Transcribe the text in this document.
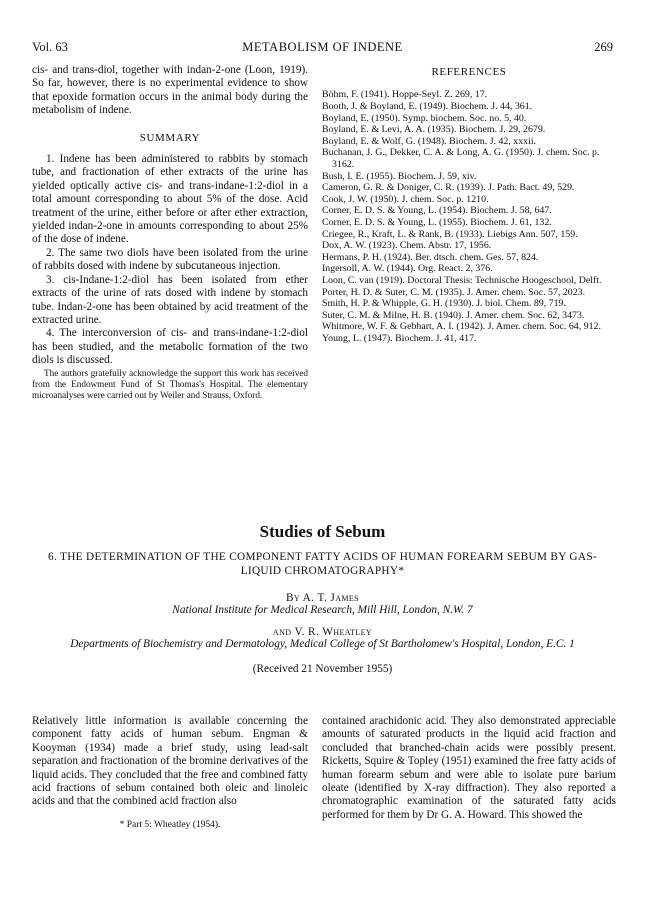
Vol. 63	METABOLISM OF INDENE	269

cis- and trans-diol, together with indan-2-one (Loon, 1919). So far, however, there is no experimental evidence to show that epoxide formation occurs in the animal body during the metabolism of indene.

SUMMARY

1. Indene has been administered to rabbits by stomach tube, and fractionation of ether extracts of the urine has yielded optically active cis- and trans-indane-1:2-diol in a total amount corresponding to about 5% of the dose. Acid treatment of the urine, either before or after ether extraction, yielded indan-2-one in amounts corresponding to about 25% of the dose of indene.

2. The same two diols have been isolated from the urine of rabbits dosed with indene by subcutaneous injection.

3. cis-Indane-1:2-diol has been isolated from ether extracts of the urine of rats dosed with indene by stomach tube. Indan-2-one has been obtained by acid treatment of the extracted urine.

4. The interconversion of cis- and trans-indane-1:2-diol has been studied, and the metabolic formation of the two diols is discussed.

The authors gratefully acknowledge the support this work has received from the Endowment Fund of St Thomas's Hospital. The elementary microanalyses were carried out by Weiler and Strauss, Oxford.

REFERENCES
Böhm, F. (1941). Hoppe-Seyl. Z. 269, 17.
Booth, J. & Boyland, E. (1949). Biochem. J. 44, 361.
Boyland, E. (1950). Symp. biochem. Soc. no. 5, 40.
Boyland, E. & Levi, A. A. (1935). Biochem. J. 29, 2679.
Boyland, E. & Wolf, G. (1948). Biochem. J. 42, xxxii.
Buchanan, J. G., Dekker, C. A. & Long, A. G. (1950). J. chem. Soc. p. 3162.
Bush, I. E. (1955). Biochem. J. 59, xiv.
Cameron, G. R. & Doniger, C. R. (1939). J. Path. Bact. 49, 529.
Cook, J. W. (1950). J. chem. Soc. p. 1210.
Corner, E. D. S. & Young, L. (1954). Biochem. J. 58, 647.
Corner, E. D. S. & Young, L. (1955). Biochem. J. 61, 132.
Criegee, R., Kraft, L. & Rank, B. (1933). Liebigs Ann. 507, 159.
Dox, A. W. (1923). Chem. Abstr. 17, 1956.
Hermans, P. H. (1924). Ber. dtsch. chem. Ges. 57, 824.
Ingersoll, A. W. (1944). Org. React. 2, 376.
Loon, C. van (1919). Doctoral Thesis: Technische Hoogeschool, Delft.
Porter, H. D. & Suter, C. M. (1935). J. Amer. chem. Soc. 57, 2023.
Smith, H. P. & Whipple, G. H. (1930). J. biol. Chem. 89, 719.
Suter, C. M. & Milne, H. B. (1940). J. Amer. chem. Soc. 62, 3473.
Whitmore, W. F. & Gebhart, A. I. (1942). J. Amer. chem. Soc. 64, 912.
Young, L. (1947). Biochem. J. 41, 417.
Studies of Sebum
6. THE DETERMINATION OF THE COMPONENT FATTY ACIDS OF HUMAN FOREARM SEBUM BY GAS-LIQUID CHROMATOGRAPHY*
By A. T. James
National Institute for Medical Research, Mill Hill, London, N.W. 7
and V. R. Wheatley
Departments of Biochemistry and Dermatology, Medical College of St Bartholomew's Hospital, London, E.C. 1
(Received 21 November 1955)

Relatively little information is available concerning the component fatty acids of human sebum. Engman & Kooyman (1934) made a brief study, using lead-salt separation and fractionation of the bromine derivatives of the liquid acids. They concluded that the free and combined fatty acid fractions of sebum contained both oleic and linoleic acids and that the combined acid fraction also

* Part 5: Wheatley (1954).

contained arachidonic acid. They also demonstrated appreciable amounts of saturated products in the liquid acid fraction and concluded that branched-chain acids were possibly present. Ricketts, Squire & Topley (1951) examined the free fatty acids of human forearm sebum and were able to isolate pure barium oleate (identified by X-ray diffraction). They also reported a chromatographic examination of the saturated fatty acids performed for them by Dr G. A. Howard. This showed the
